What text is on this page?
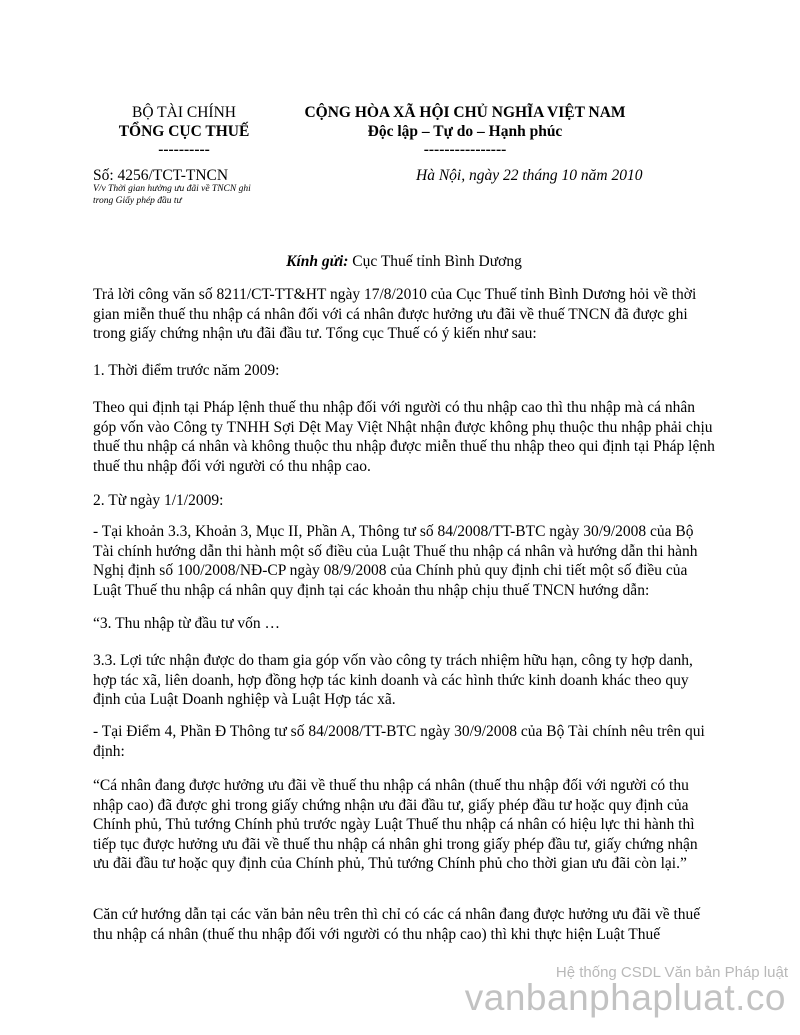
BỘ TÀI CHÍNH
TỔNG CỤC THUẾ
----------
CỘNG HÒA XÃ HỘI CHỦ NGHĨA VIỆT NAM
Độc lập – Tự do – Hạnh phúc
----------------
Số: 4256/TCT-TNCN
V/v Thời gian hưởng ưu đãi về TNCN ghi
trong Giấy phép đầu tư
Hà Nội, ngày 22 tháng 10 năm 2010
Kính gửi: Cục Thuế tỉnh Bình Dương
Trả lời công văn số 8211/CT-TT&HT ngày 17/8/2010 của Cục Thuế tỉnh Bình Dương hỏi về thời gian miễn thuế thu nhập cá nhân đối với cá nhân được hưởng ưu đãi về thuế TNCN đã được ghi trong giấy chứng nhận ưu đãi đầu tư. Tổng cục Thuế có ý kiến như sau:
1. Thời điểm trước năm 2009:
Theo qui định tại Pháp lệnh thuế thu nhập đối với người có thu nhập cao thì thu nhập mà cá nhân góp vốn vào Công ty TNHH Sợi Dệt May Việt Nhật nhận được không phụ thuộc thu nhập phải chịu thuế thu nhập cá nhân và không thuộc thu nhập được miễn thuế thu nhập theo qui định tại Pháp lệnh thuế thu nhập đối với người có thu nhập cao.
2. Từ ngày 1/1/2009:
- Tại khoản 3.3, Khoản 3, Mục II, Phần A, Thông tư số 84/2008/TT-BTC ngày 30/9/2008 của Bộ Tài chính hướng dẫn thi hành một số điều của Luật Thuế thu nhập cá nhân và hướng dẫn thi hành Nghị định số 100/2008/NĐ-CP ngày 08/9/2008 của Chính phủ quy định chi tiết một số điều của Luật Thuế thu nhập cá nhân quy định tại các khoản thu nhập chịu thuế TNCN hướng dẫn:
“3. Thu nhập từ đầu tư vốn …
3.3. Lợi tức nhận được do tham gia góp vốn vào công ty trách nhiệm hữu hạn, công ty hợp danh, hợp tác xã, liên doanh, hợp đồng hợp tác kinh doanh và các hình thức kinh doanh khác theo quy định của Luật Doanh nghiệp và Luật Hợp tác xã.
- Tại Điểm 4, Phần Đ Thông tư số 84/2008/TT-BTC ngày 30/9/2008 của Bộ Tài chính nêu trên qui định:
“Cá nhân đang được hưởng ưu đãi về thuế thu nhập cá nhân (thuế thu nhập đối với người có thu nhập cao) đã được ghi trong giấy chứng nhận ưu đãi đầu tư, giấy phép đầu tư hoặc quy định của Chính phủ, Thủ tướng Chính phủ trước ngày Luật Thuế thu nhập cá nhân có hiệu lực thi hành thì tiếp tục được hưởng ưu đãi về thuế thu nhập cá nhân ghi trong giấy phép đầu tư, giấy chứng nhận ưu đãi đầu tư hoặc quy định của Chính phủ, Thủ tướng Chính phủ cho thời gian ưu đãi còn lại.”
Căn cứ hướng dẫn tại các văn bản nêu trên thì chỉ có các cá nhân đang được hưởng ưu đãi về thuế thu nhập cá nhân (thuế thu nhập đối với người có thu nhập cao) thì khi thực hiện Luật Thuế
Hệ thống CSDL Văn bản Pháp luật
vanbanphapluat.co
